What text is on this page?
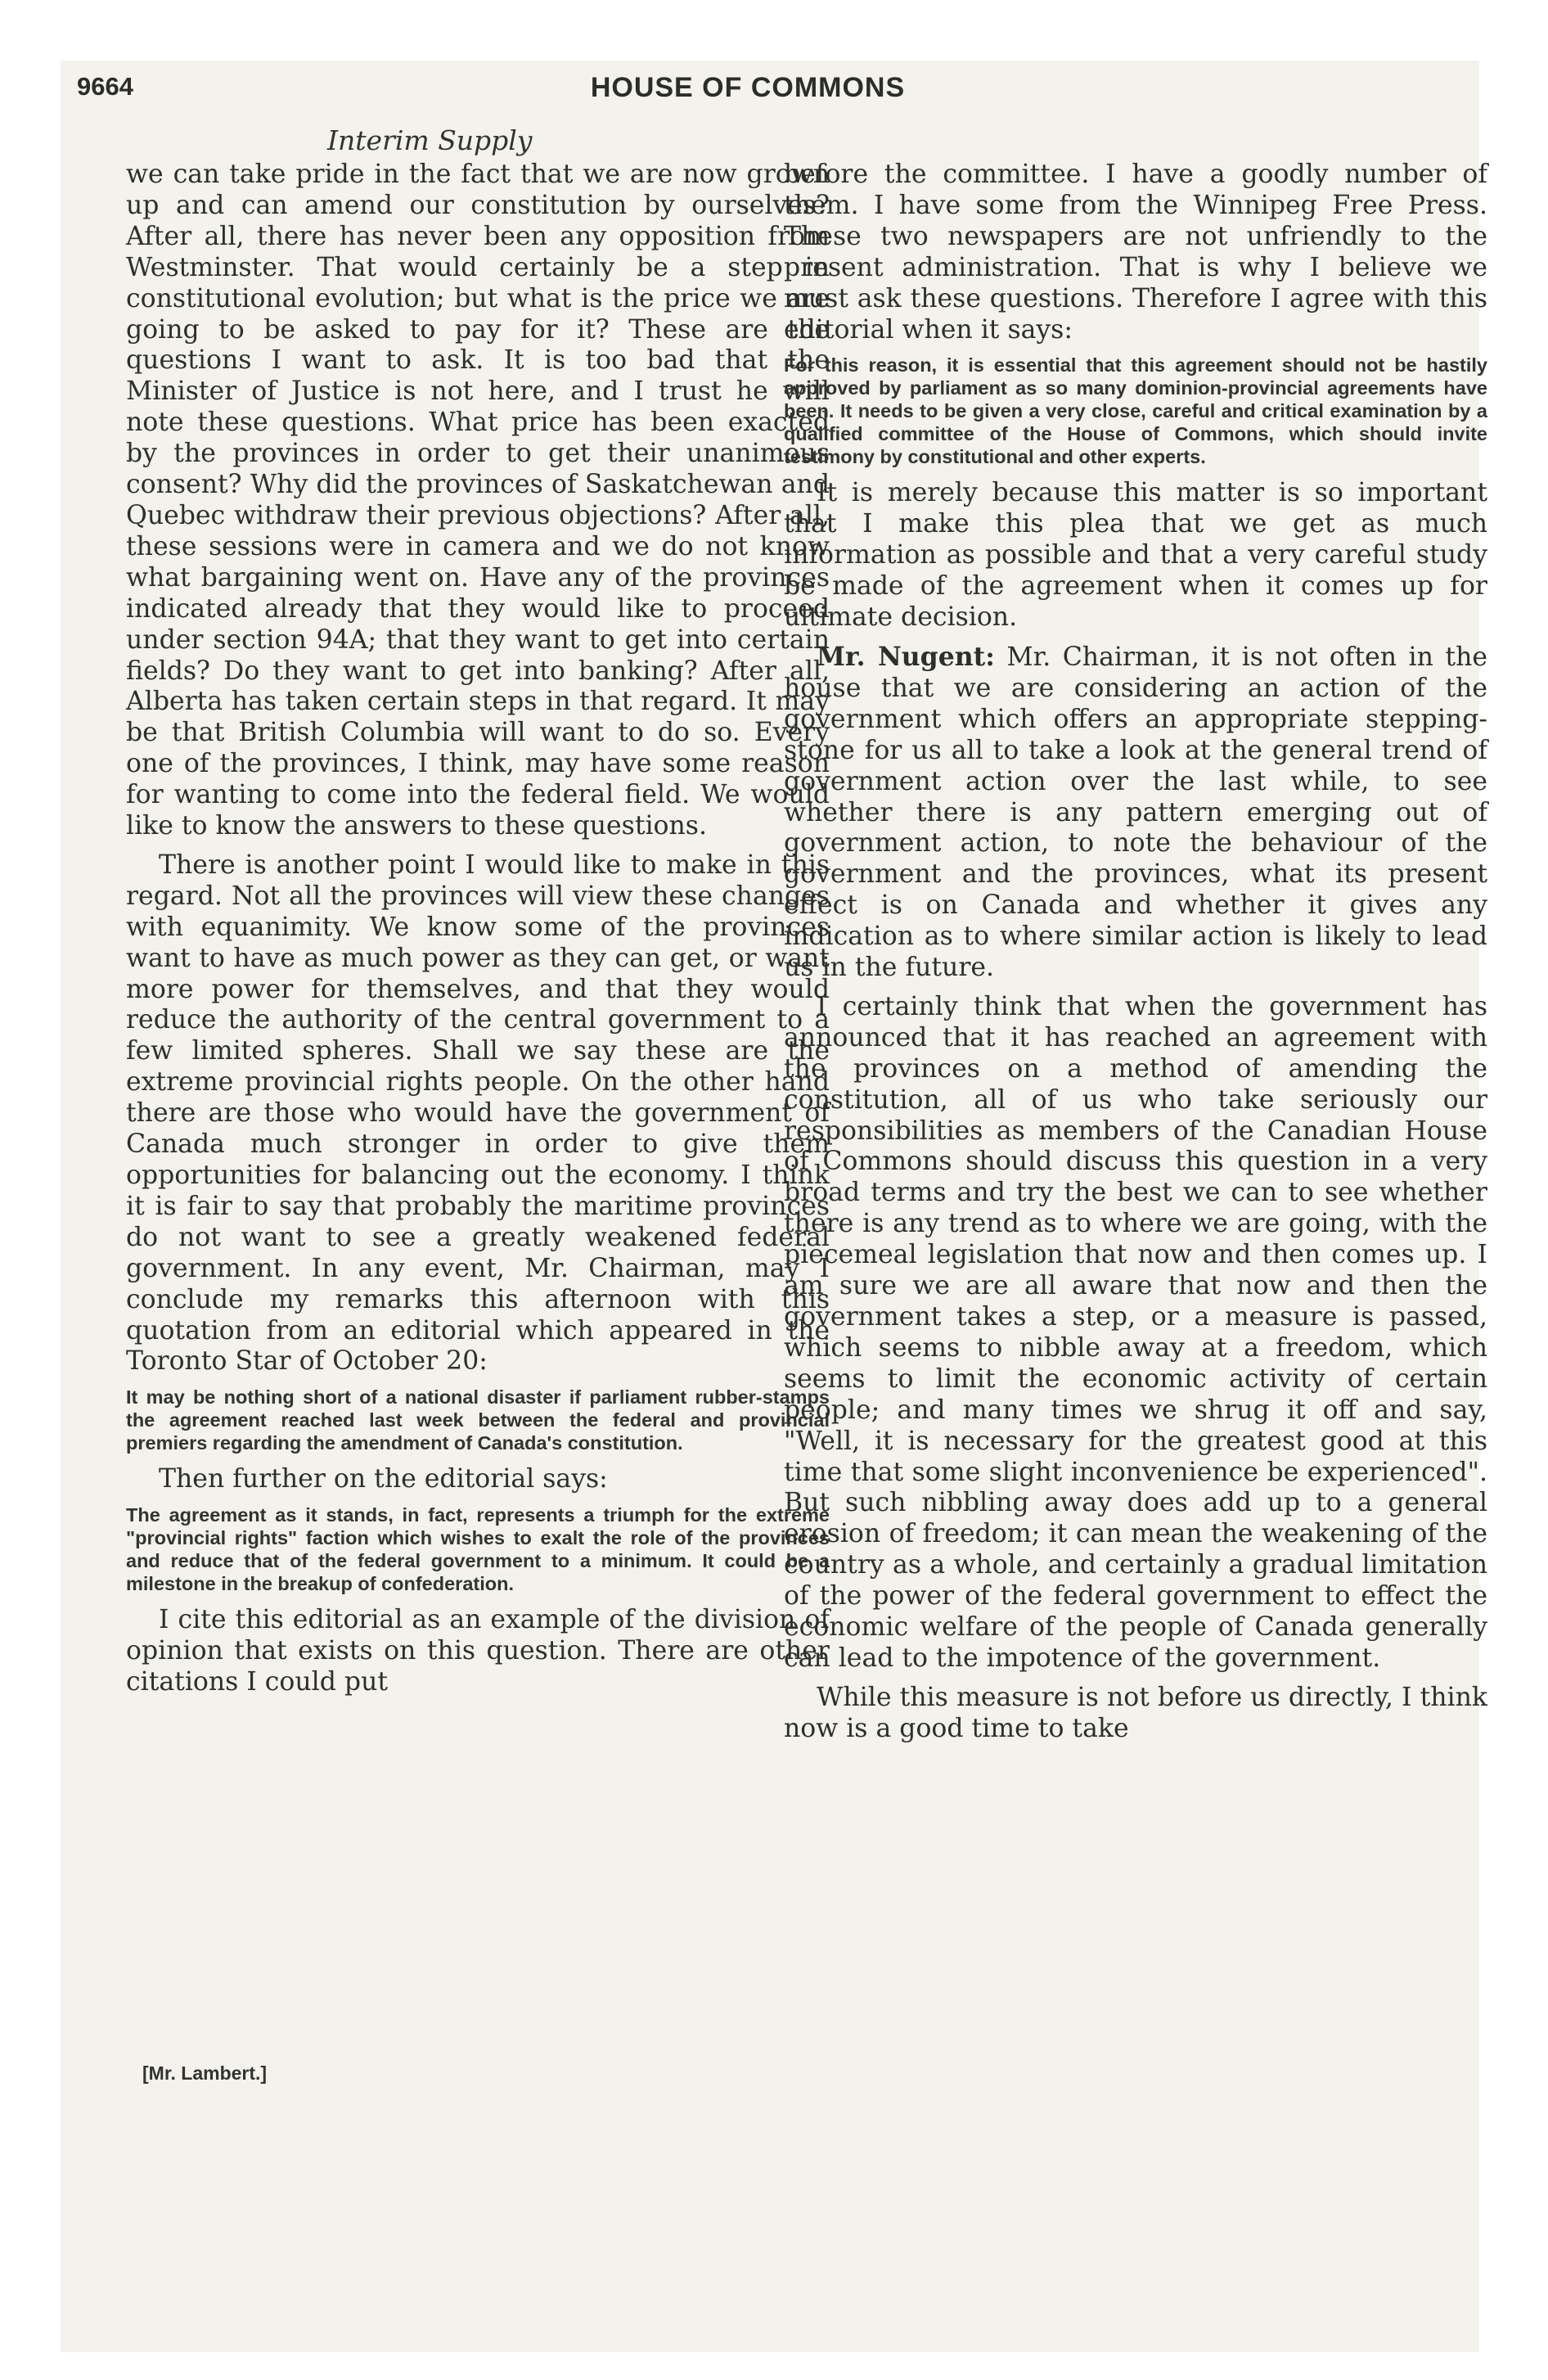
9664	HOUSE OF COMMONS
Interim Supply

we can take pride in the fact that we are now grown up and can amend our constitution by ourselves? After all, there has never been any opposition from Westminster. That would certainly be a step in constitutional evolution; but what is the price we are going to be asked to pay for it? These are the questions I want to ask. It is too bad that the Minister of Justice is not here, and I trust he will note these questions. What price has been exacted by the provinces in order to get their unanimous consent? Why did the provinces of Saskatchewan and Quebec withdraw their previous objections? After all, these sessions were in camera and we do not know what bargaining went on. Have any of the provinces indicated already that they would like to proceed under section 94A; that they want to get into certain fields? Do they want to get into banking? After all, Alberta has taken certain steps in that regard. It may be that British Columbia will want to do so. Every one of the provinces, I think, may have some reason for wanting to come into the federal field. We would like to know the answers to these questions.

There is another point I would like to make in this regard. Not all the provinces will view these changes with equanimity. We know some of the provinces want to have as much power as they can get, or want more power for themselves, and that they would reduce the authority of the central government to a few limited spheres. Shall we say these are the extreme provincial rights people. On the other hand there are those who would have the government of Canada much stronger in order to give them opportunities for balancing out the economy. I think it is fair to say that probably the maritime provinces do not want to see a greatly weakened federal government. In any event, Mr. Chairman, may I conclude my remarks this afternoon with this quotation from an editorial which appeared in the Toronto Star of October 20:

It may be nothing short of a national disaster if parliament rubber-stamps the agreement reached last week between the federal and provincial premiers regarding the amendment of Canada's constitution.

Then further on the editorial says:

The agreement as it stands, in fact, represents a triumph for the extreme "provincial rights" faction which wishes to exalt the role of the provinces and reduce that of the federal government to a minimum. It could be a milestone in the breakup of confederation.

I cite this editorial as an example of the division of opinion that exists on this question. There are other citations I could put

[Mr. Lambert.]

before the committee. I have a goodly number of them. I have some from the Winnipeg Free Press. These two newspapers are not unfriendly to the present administration. That is why I believe we must ask these questions. Therefore I agree with this editorial when it says:

For this reason, it is essential that this agreement should not be hastily approved by parliament as so many dominion-provincial agreements have been. It needs to be given a very close, careful and critical examination by a qualified committee of the House of Commons, which should invite testimony by constitutional and other experts.

It is merely because this matter is so important that I make this plea that we get as much information as possible and that a very careful study be made of the agreement when it comes up for ultimate decision.

Mr. Nugent: Mr. Chairman, it is not often in the house that we are considering an action of the government which offers an appropriate stepping-stone for us all to take a look at the general trend of government action over the last while, to see whether there is any pattern emerging out of government action, to note the behaviour of the government and the provinces, what its present effect is on Canada and whether it gives any indication as to where similar action is likely to lead us in the future.

I certainly think that when the government has announced that it has reached an agreement with the provinces on a method of amending the constitution, all of us who take seriously our responsibilities as members of the Canadian House of Commons should discuss this question in a very broad terms and try the best we can to see whether there is any trend as to where we are going, with the piecemeal legislation that now and then comes up. I am sure we are all aware that now and then the government takes a step, or a measure is passed, which seems to nibble away at a freedom, which seems to limit the economic activity of certain people; and many times we shrug it off and say, "Well, it is necessary for the greatest good at this time that some slight inconvenience be experienced". But such nibbling away does add up to a general erosion of freedom; it can mean the weakening of the country as a whole, and certainly a gradual limitation of the power of the federal government to effect the economic welfare of the people of Canada generally can lead to the impotence of the government.

While this measure is not before us directly, I think now is a good time to take
